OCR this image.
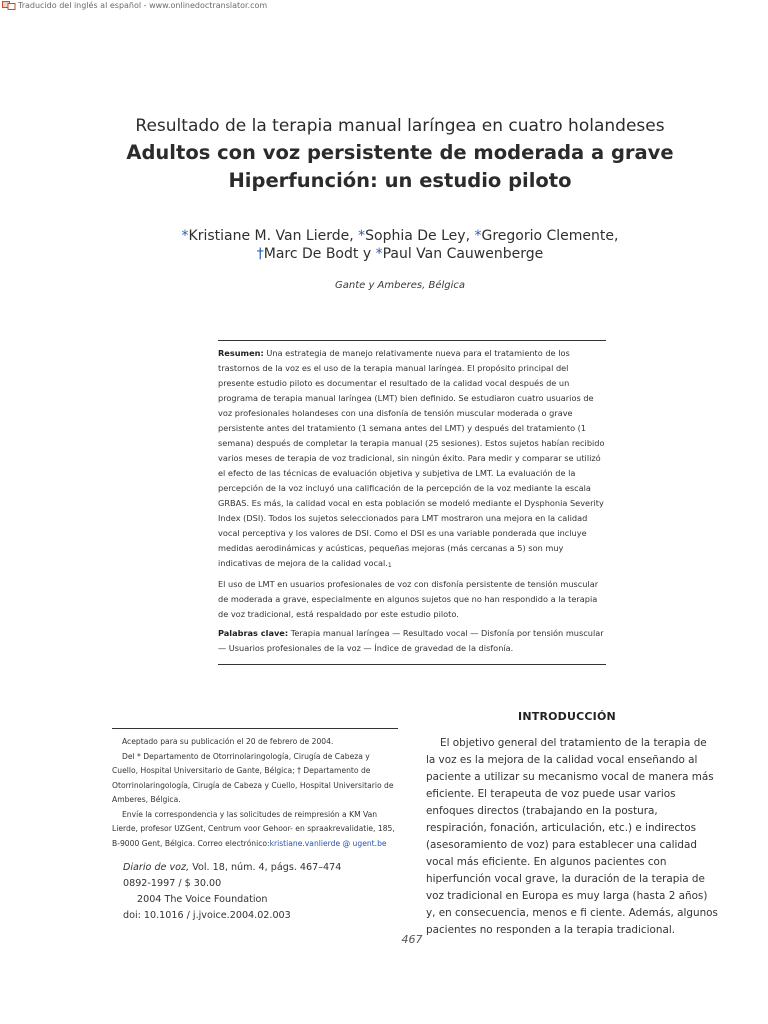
Traducido del inglés al español - www.onlinedoctranslator.com
Resultado de la terapia manual laríngea en cuatro holandeses
Adultos con voz persistente de moderada a grave
Hiperfunción: un estudio piloto
*Kristiane M. Van Lierde, *Sophia De Ley, *Gregorio Clemente,
†Marc De Bodt y *Paul Van Cauwenberge
Gante y Amberes, Bélgica

Resumen: Una estrategia de manejo relativamente nueva para el tratamiento de los trastornos de la voz es el uso de la terapia manual laríngea. El propósito principal del presente estudio piloto es documentar el resultado de la calidad vocal después de un programa de terapia manual laríngea (LMT) bien definido. Se estudiaron cuatro usuarios de voz profesionales holandeses con una disfonía de tensión muscular moderada o grave persistente antes del tratamiento (1 semana antes del LMT) y después del tratamiento (1 semana) después de completar la terapia manual (25 sesiones). Estos sujetos habían recibido varios meses de terapia de voz tradicional, sin ningún éxito. Para medir y comparar se utilizó el efecto de las técnicas de evaluación objetiva y subjetiva de LMT. La evaluación de la percepción de la voz incluyó una calificación de la percepción de la voz mediante la escala GRBAS. Es más, la calidad vocal en esta población se modeló mediante el Dysphonia Severity Index (DSI). Todos los sujetos seleccionados para LMT mostraron una mejora en la calidad vocal perceptiva y los valores de DSI. Como el DSI es una variable ponderada que incluye medidas aerodinámicas y acústicas, pequeñas mejoras (más cercanas a 5) son muy indicativas de mejora de la calidad vocal.1

El uso de LMT en usuarios profesionales de voz con disfonía persistente de tensión muscular de moderada a grave, especialmente en algunos sujetos que no han respondido a la terapia de voz tradicional, está respaldado por este estudio piloto.

Palabras clave: Terapia manual laríngea — Resultado vocal — Disfonía por tensión muscular — Usuarios profesionales de la voz — Índice de gravedad de la disfonía.

Aceptado para su publicación el 20 de febrero de 2004.

Del * Departamento de Otorrinolaringología, Cirugía de Cabeza y Cuello, Hospital Universitario de Gante, Bélgica; † Departamento de Otorrinolaringología, Cirugía de Cabeza y Cuello, Hospital Universitario de Amberes, Bélgica.

Envíe la correspondencia y las solicitudes de reimpresión a KM Van Lierde, profesor UZGent, Centrum voor Gehoor- en spraakrevalidatie, 185, B-9000 Gent, Bélgica. Correo electrónico:kristiane.vanlierde @ ugent.be

Diario de voz, Vol. 18, núm. 4, págs. 467–474
0892-1997 / $ 30.00
2004 The Voice Foundation
doi: 10.1016 / j.jvoice.2004.02.003
INTRODUCCIÓN

El objetivo general del tratamiento de la terapia de la voz es la mejora de la calidad vocal enseñando al paciente a utilizar su mecanismo vocal de manera más eficiente. El terapeuta de voz puede usar varios enfoques directos (trabajando en la postura, respiración, fonación, articulación, etc.) e indirectos (asesoramiento de voz) para establecer una calidad vocal más eficiente. En algunos pacientes con hiperfunción vocal grave, la duración de la terapia de voz tradicional en Europa es muy larga (hasta 2 años) y, en consecuencia, menos e fi ciente. Además, algunos pacientes no responden a la terapia tradicional.

467
